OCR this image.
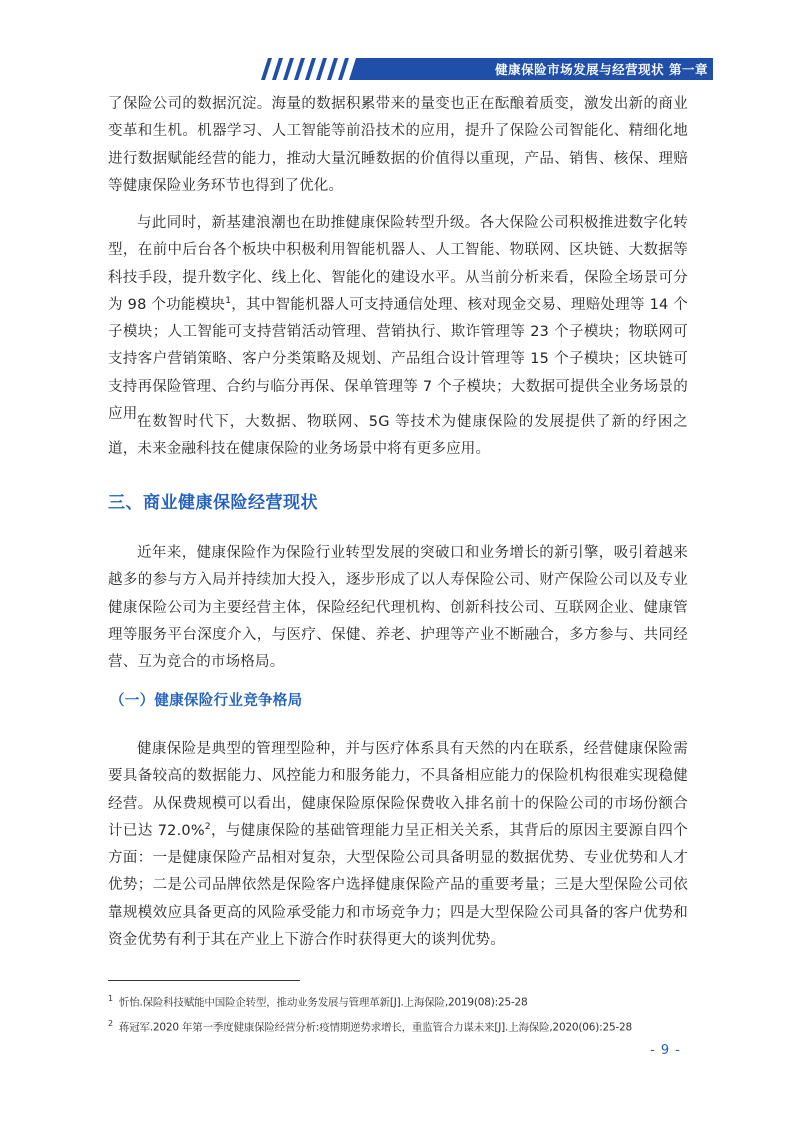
健康保险市场发展与经营现状 第一章

了保险公司的数据沉淀。海量的数据积累带来的量变也正在酝酿着质变，激发出新的商业变革和生机。机器学习、人工智能等前沿技术的应用，提升了保险公司智能化、精细化地进行数据赋能经营的能力，推动大量沉睡数据的价值得以重现，产品、销售、核保、理赔等健康保险业务环节也得到了优化。

与此同时，新基建浪潮也在助推健康保险转型升级。各大保险公司积极推进数字化转型，在前中后台各个板块中积极利用智能机器人、人工智能、物联网、区块链、大数据等科技手段，提升数字化、线上化、智能化的建设水平。从当前分析来看，保险全场景可分为 98 个功能模块$^1$，其中智能机器人可支持通信处理、核对现金交易、理赔处理等 14 个子模块；人工智能可支持营销活动管理、营销执行、欺诈管理等 23 个子模块；物联网可支持客户营销策略、客户分类策略及规划、产品组合设计管理等 15 个子模块；区块链可支持再保险管理、合约与临分再保、保单管理等 7 个子模块；大数据可提供全业务场景的应用。

在数智时代下，大数据、物联网、5G 等技术为健康保险的发展提供了新的纾困之道，未来金融科技在健康保险的业务场景中将有更多应用。

三、商业健康保险经营现状

近年来，健康保险作为保险行业转型发展的突破口和业务增长的新引擎，吸引着越来越多的参与方入局并持续加大投入，逐步形成了以人寿保险公司、财产保险公司以及专业健康保险公司为主要经营主体，保险经纪代理机构、创新科技公司、互联网企业、健康管理等服务平台深度介入，与医疗、保健、养老、护理等产业不断融合，多方参与、共同经营、互为竞合的市场格局。

（一）健康保险行业竞争格局

健康保险是典型的管理型险种，并与医疗体系具有天然的内在联系，经营健康保险需要具备较高的数据能力、风控能力和服务能力，不具备相应能力的保险机构很难实现稳健经营。从保费规模可以看出，健康保险原保险保费收入排名前十的保险公司的市场份额合计已达 72.0%$^2$，与健康保险的基础管理能力呈正相关关系，其背后的原因主要源自四个方面：一是健康保险产品相对复杂，大型保险公司具备明显的数据优势、专业优势和人才优势；二是公司品牌依然是保险客户选择健康保险产品的重要考量；三是大型保险公司依靠规模效应具备更高的风险承受能力和市场竞争力；四是大型保险公司具备的客户优势和资金优势有利于其在产业上下游合作时获得更大的谈判优势。

$^1$ 忻怡.保险科技赋能中国险企转型，推动业务发展与管理革新[J].上海保险,2019(08):25-28
$^2$ 蒋冠军.2020 年第一季度健康保险经营分析:疫情期逆势求增长，重监管合力谋未来[J].上海保险,2020(06):25-28
- 9 -
